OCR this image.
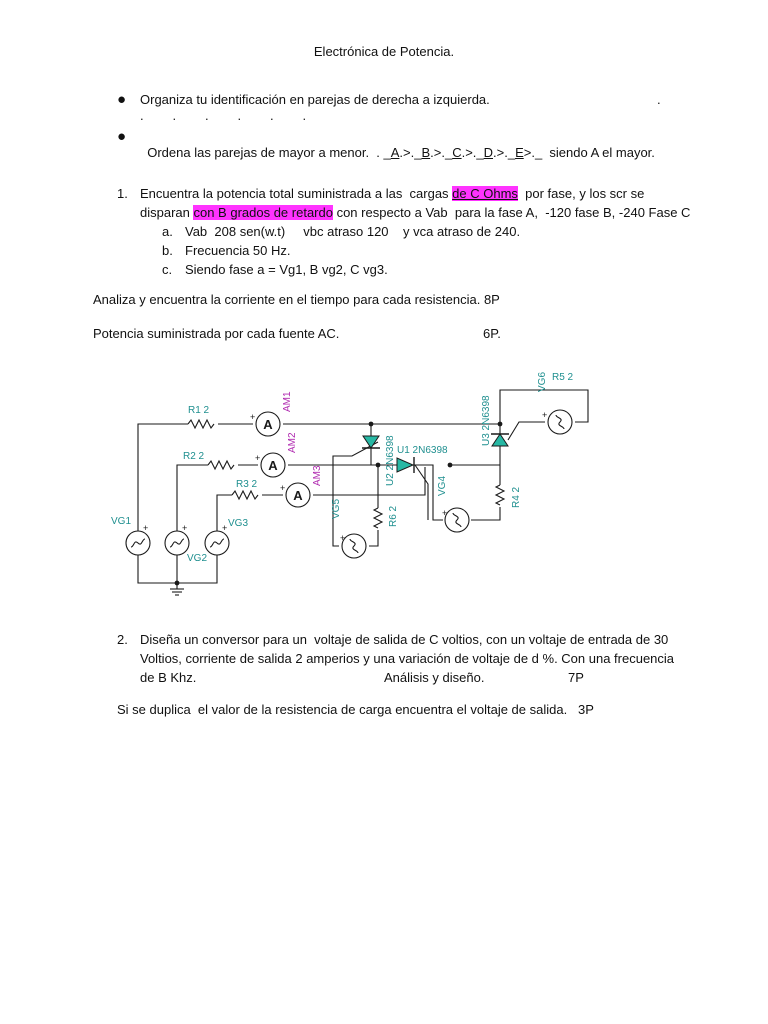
Electrónica de Potencia.
● Organiza tu identificación en parejas de derecha a izquierda.	.
.        .        .        .        .        .
●

Ordena las parejas de mayor a menor.  . _A.>._B.>._C.>._D.>._E>._  siendo A el mayor.

1. Encuentra la potencia total suministrada a las  cargas de C Ohms  por fase, y los scr se
disparan con B grados de retardo con respecto a Vab  para la fase A,  -120 fase B, -240 Fase C
a. Vab  208 sen(w.t)     vbc atraso 120    y vca atraso de 240.
b. Frecuencia 50 Hz.
c. Siendo fase a = Vg1, B vg2, C vg3.
Analiza y encuentra la corriente en el tiempo para cada resistencia. 8P
Potencia suministrada por cada fuente AC.	6P.
A
A
A
+	+	+
+
+
+
+
+
+
R1 2
R2 2
R3 2
R5 2
VG1
VG2
VG3
U1 2N6398
AM1
AM2
AM3	U2 2N6398
U3 2N6398
R6 2
R4 2
VG4
VG5
VG6
2. Diseña un conversor para un  voltaje de salida de C voltios, con un voltaje de entrada de 30
Voltios, corriente de salida 2 amperios y una variación de voltaje de d %. Con una frecuencia
de B Khz.	Análisis y diseño.	7P
Si se duplica  el valor de la resistencia de carga encuentra el voltaje de salida.   3P
